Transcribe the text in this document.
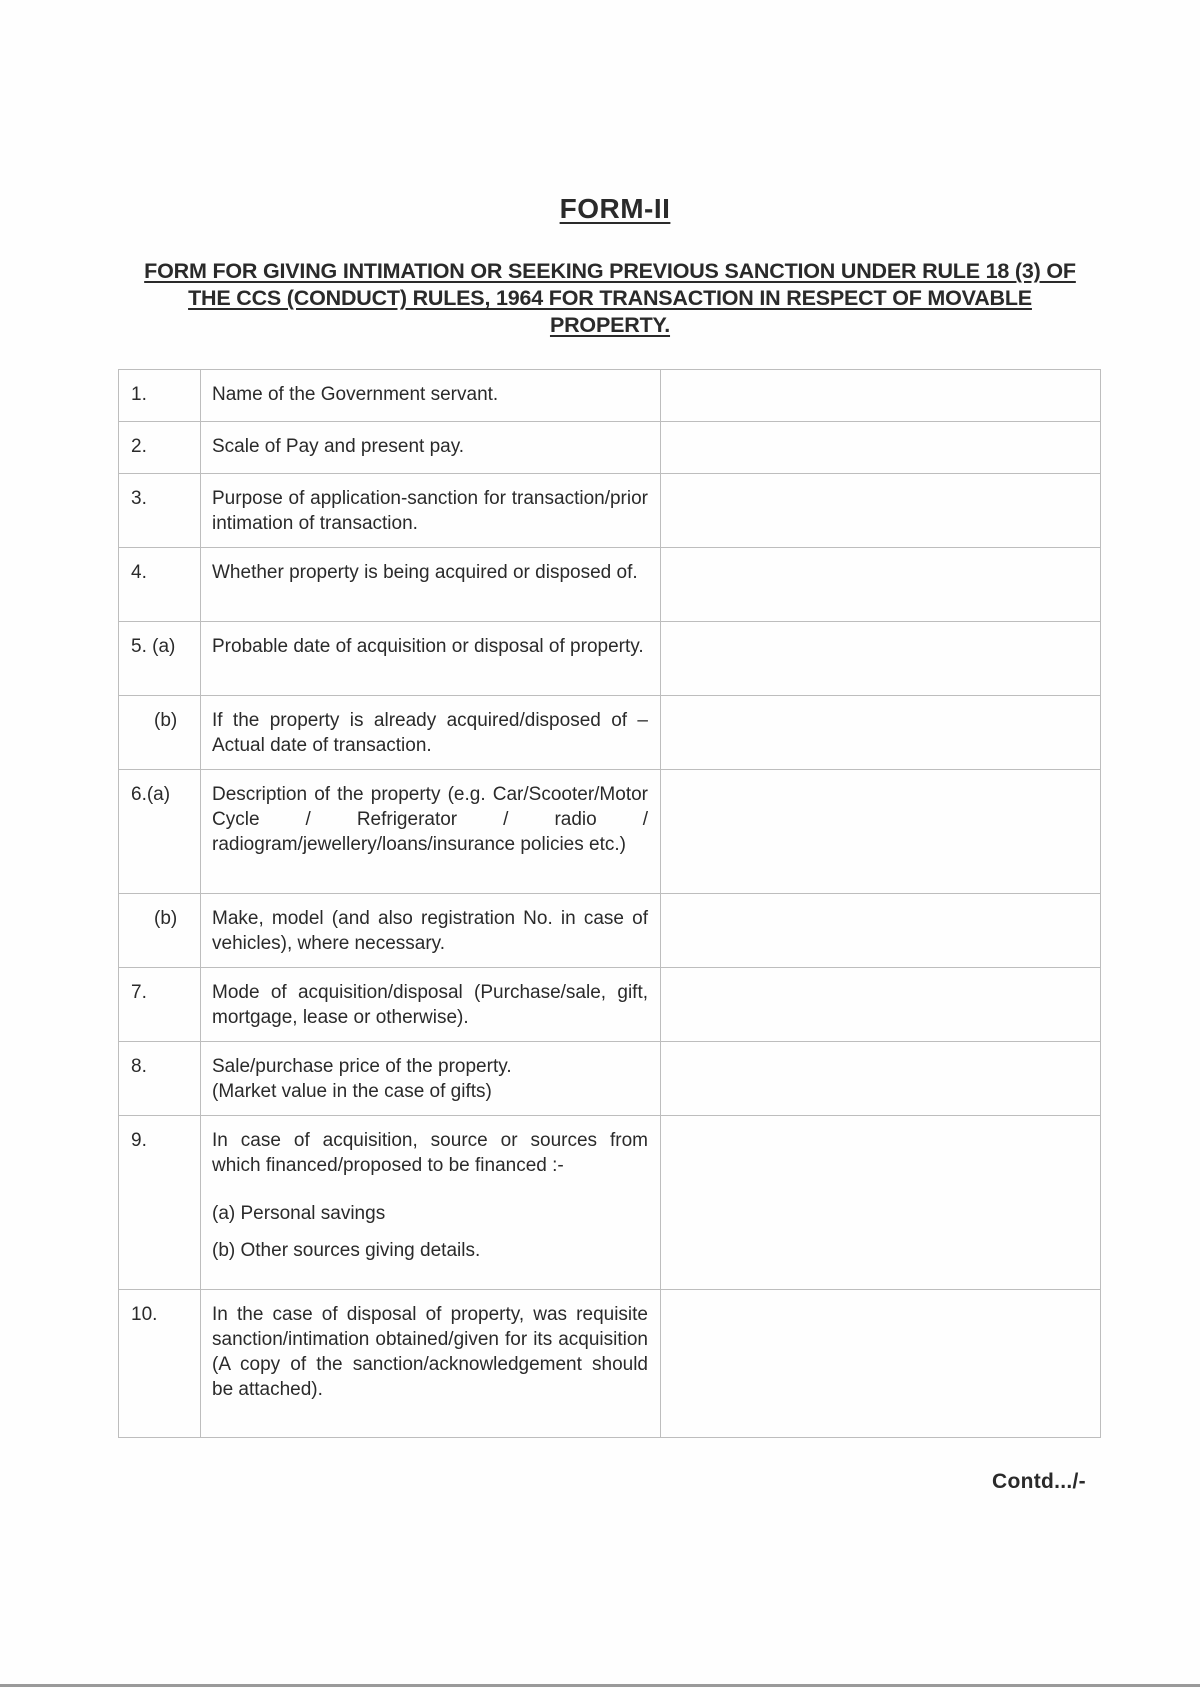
FORM-II
FORM FOR GIVING INTIMATION OR SEEKING PREVIOUS SANCTION UNDER RULE 18 (3) OF THE CCS (CONDUCT) RULES, 1964 FOR TRANSACTION IN RESPECT OF MOVABLE PROPERTY.
1.	Name of the Government servant.	

2.	Scale of Pay and present pay.	

3.	Purpose of application-sanction for transaction/prior intimation of transaction.	

4.	Whether property is being acquired or disposed of.	

5. (a)	Probable date of acquisition or disposal of property.	

(b)	If the property is already acquired/disposed of – Actual date of transaction.	

6.(a)	Description of the property (e.g. Car/Scooter/Motor Cycle / Refrigerator / radio / radiogram/jewellery/loans/insurance policies etc.)	

(b)	Make, model (and also registration No. in case of vehicles), where necessary.	

7.	Mode of acquisition/disposal (Purchase/sale, gift, mortgage, lease or otherwise).	

8.	Sale/purchase price of the property.

(Market value in the case of gifts)	

9.	In case of acquisition, source or sources from which financed/proposed to be financed :-

(a) Personal savings

(b) Other sources giving details.	

10.	In the case of disposal of property, was requisite sanction/intimation obtained/given for its acquisition (A copy of the sanction/acknowledgement should be attached).	

Contd.../-
